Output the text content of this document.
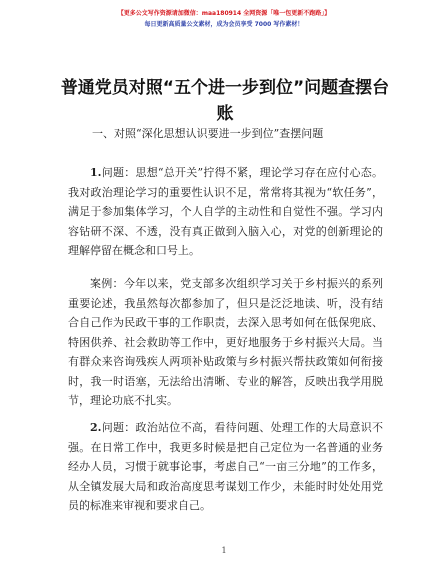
【更多公文写作资源请加微信：maa180914 全网资源「唯一包更新不跑路」】
每日更新高质量公文素材，成为会员享受 7000 写作素材！
普通党员对照“五个进一步到位”问题查摆台账
一、对照“深化思想认识要进一步到位”查摆问题

1.问题：思想“总开关”拧得不紧，理论学习存在应付心态。我对政治理论学习的重要性认识不足，常常将其视为“软任务”，满足于参加集体学习，个人自学的主动性和自觉性不强。学习内容钻研不深、不透，没有真正做到入脑入心，对党的创新理论的理解停留在概念和口号上。

案例：今年以来，党支部多次组织学习关于乡村振兴的系列重要论述，我虽然每次都参加了，但只是泛泛地读、听，没有结合自己作为民政干事的工作职责，去深入思考如何在低保兜底、特困供养、社会救助等工作中，更好地服务于乡村振兴大局。当有群众来咨询残疾人两项补贴政策与乡村振兴帮扶政策如何衔接时，我一时语塞，无法给出清晰、专业的解答，反映出我学用脱节，理论功底不扎实。

2.问题：政治站位不高，看待问题、处理工作的大局意识不强。在日常工作中，我更多时候是把自己定位为一名普通的业务经办人员，习惯于就事论事，考虑自己“一亩三分地”的工作多，从全镇发展大局和政治高度思考谋划工作少，未能时时处处用党员的标准来审视和要求自己。

1
